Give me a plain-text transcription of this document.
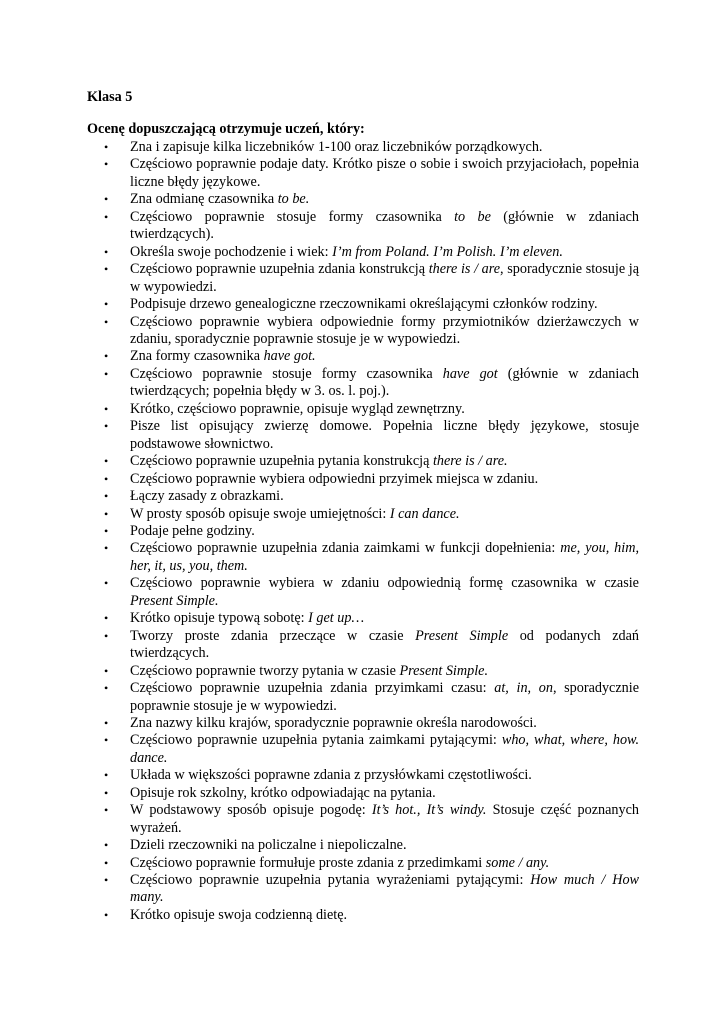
Klasa 5

Ocenę dopuszczającą otrzymuje uczeń, który:

•	Zna i zapisuje kilka liczebników 1-100 oraz liczebników porządkowych.
•	Częściowo poprawnie podaje daty. Krótko pisze o sobie i swoich przyjaciołach, popełnia liczne błędy językowe.
•	Zna odmianę czasownika to be.
•	Częściowo poprawnie stosuje formy czasownika to be (głównie w zdaniach twierdzących).
•	Określa swoje pochodzenie i wiek: I’m from Poland. I’m Polish. I’m eleven.
•	Częściowo poprawnie uzupełnia zdania konstrukcją there is / are, sporadycznie stosuje ją w wypowiedzi.
•	Podpisuje drzewo genealogiczne rzeczownikami określającymi członków rodziny.
•	Częściowo poprawnie wybiera odpowiednie formy przymiotników dzierżawczych w zdaniu, sporadycznie poprawnie stosuje je w wypowiedzi.
•	Zna formy czasownika have got.
•	Częściowo poprawnie stosuje formy czasownika have got (głównie w zdaniach twierdzących; popełnia błędy w 3. os. l. poj.).
•	Krótko, częściowo poprawnie, opisuje wygląd zewnętrzny.
•	Pisze list opisujący zwierzę domowe. Popełnia liczne błędy językowe, stosuje podstawowe słownictwo.
•	Częściowo poprawnie uzupełnia pytania konstrukcją there is / are.
•	Częściowo poprawnie wybiera odpowiedni przyimek miejsca w zdaniu.
•	Łączy zasady z obrazkami.
•	W prosty sposób opisuje swoje umiejętności: I can dance.
•	Podaje pełne godziny.
•	Częściowo poprawnie uzupełnia zdania zaimkami w funkcji dopełnienia: me, you, him, her, it, us, you, them.
•	Częściowo poprawnie wybiera w zdaniu odpowiednią formę czasownika w czasie Present Simple.
•	Krótko opisuje typową sobotę: I get up…
•	Tworzy proste zdania przeczące w czasie Present Simple od podanych zdań twierdzących.
•	Częściowo poprawnie tworzy pytania w czasie Present Simple.
•	Częściowo poprawnie uzupełnia zdania przyimkami czasu: at, in, on, sporadycznie poprawnie stosuje je w wypowiedzi.
•	Zna nazwy kilku krajów, sporadycznie poprawnie określa narodowości.
•	Częściowo poprawnie uzupełnia pytania zaimkami pytającymi: who, what, where, how. dance.
•	Układa w większości poprawne zdania z przysłówkami częstotliwości.
•	Opisuje rok szkolny, krótko odpowiadając na pytania.
•	W podstawowy sposób opisuje pogodę: It’s hot., It’s windy. Stosuje część poznanych wyrażeń.
•	Dzieli rzeczowniki na policzalne i niepoliczalne.
•	Częściowo poprawnie formułuje proste zdania z przedimkami some / any.
•	Częściowo poprawnie uzupełnia pytania wyrażeniami pytającymi: How much / How many.
•	Krótko opisuje swoja codzienną dietę.
